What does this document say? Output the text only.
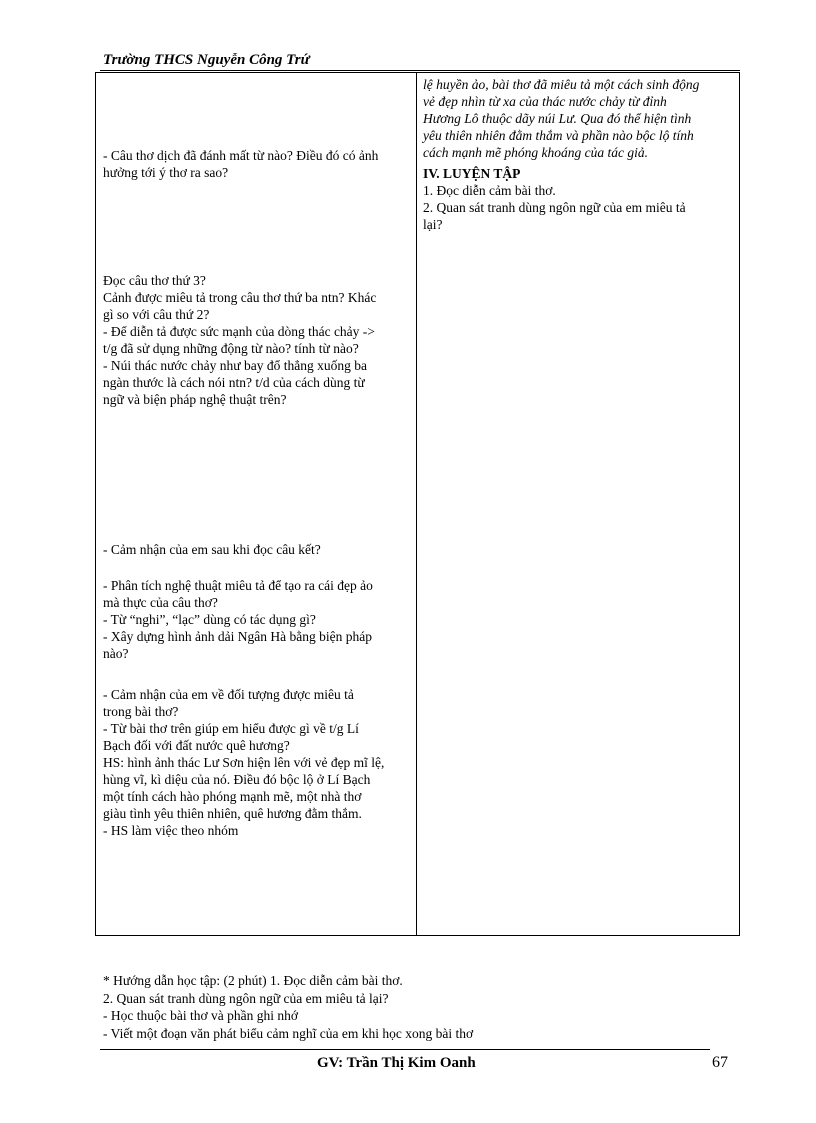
Trường THCS Nguyễn Công Trứ

- Câu thơ dịch đã đánh mất từ nào? Điều đó có ảnh

hưởng tới ý thơ ra sao?

Đọc câu thơ thứ 3?

Cảnh được miêu tả trong câu thơ thứ ba ntn? Khác

gì so với câu thứ 2?

- Để diễn tả được sức mạnh của dòng thác chảy ->

t/g đã sử dụng những động từ nào? tính từ nào?

- Núi thác nước chảy như bay đổ thẳng xuống ba

ngàn thước là cách nói ntn? t/d của cách dùng từ

ngữ và biện pháp nghệ thuật trên?

- Cảm nhận của em sau khi đọc câu kết?

- Phân tích nghệ thuật miêu tả để tạo ra cái đẹp ảo

mà thực của câu thơ?

- Từ “nghi”, “lạc” dùng có tác dụng gì?

- Xây dựng hình ảnh dải Ngân Hà bằng biện pháp

nào?

- Cảm nhận của em về đối tượng được miêu tả

trong bài thơ?

- Từ bài thơ trên giúp em hiểu được gì về t/g Lí

Bạch đối với đất nước quê hương?

HS: hình ảnh thác Lư Sơn hiện lên với vẻ đẹp mĩ lệ,

hùng vĩ, kì diệu của nó. Điều đó bộc lộ ở Lí Bạch

một tính cách hào phóng mạnh mẽ, một nhà thơ

giàu tình yêu thiên nhiên, quê hương đằm thắm.

- HS làm việc theo nhóm

lệ huyền ảo, bài thơ đã miêu tả một cách sinh động

vẻ đẹp nhìn từ xa của thác nước chảy từ đỉnh

Hương Lô thuộc dãy núi Lư. Qua đó thể hiện tình

yêu thiên nhiên đằm thắm và phần nào bộc lộ tính

cách mạnh mẽ phóng khoáng của tác giả.

IV. LUYỆN TẬP

1. Đọc diễn cảm bài thơ.

2. Quan sát tranh dùng ngôn ngữ của em miêu tả

lại?

* Hướng dẫn học tập: (2 phút) 1. Đọc diễn cảm bài thơ.

2. Quan sát tranh dùng ngôn ngữ của em miêu tả lại?

- Học thuộc bài thơ và phần ghi nhớ

- Viết một đoạn văn phát biểu cảm nghĩ của em khi học xong bài thơ

GV: Trần Thị Kim Oanh	67
